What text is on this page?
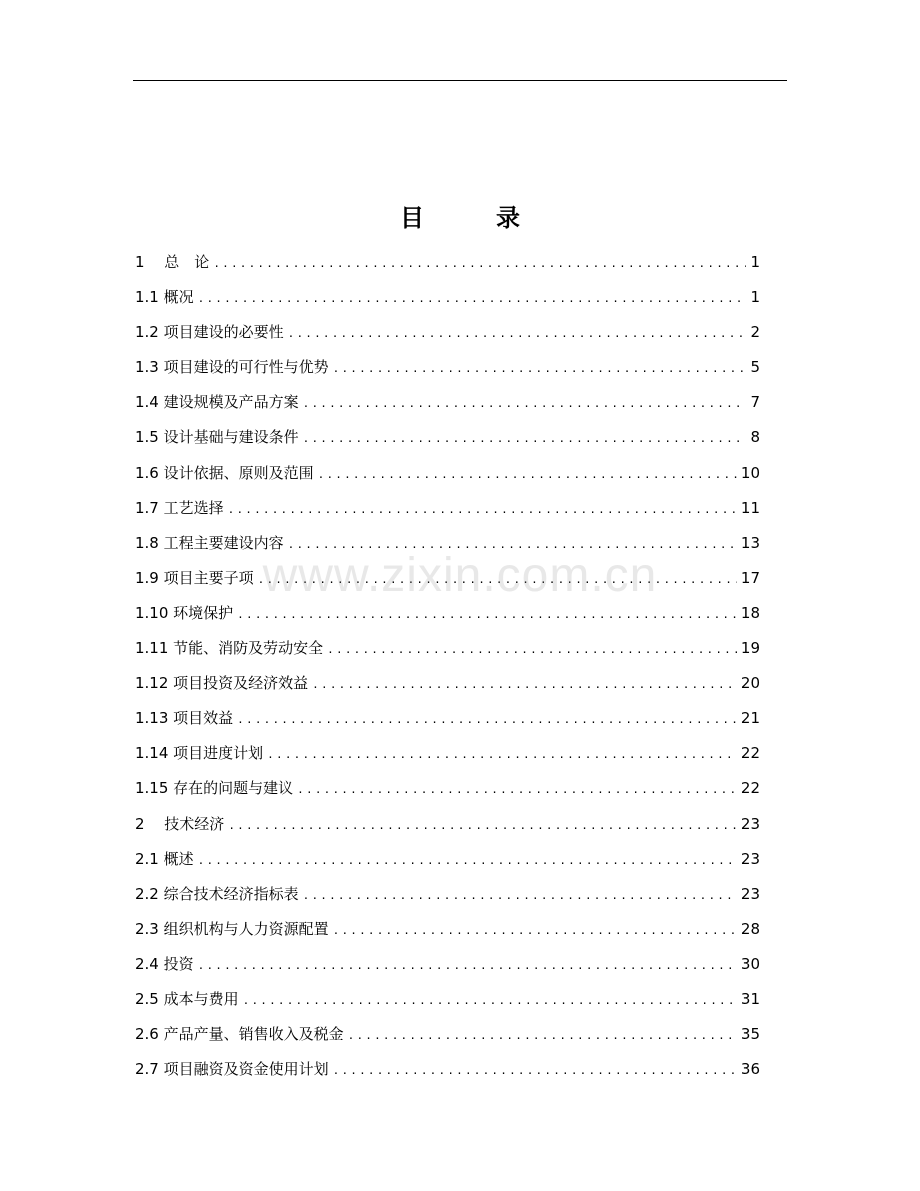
目　录
1　 总　论 .....	1
1.1 概况 .....	1
1.2 项目建设的必要性 .....	2
1.3 项目建设的可行性与优势 .....	5
1.4 建设规模及产品方案 .....	7
1.5 设计基础与建设条件 .....	8
1.6 设计依据、原则及范围 .....	10
1.7 工艺选择 .....	11
1.8 工程主要建设内容 .....	13
1.9 项目主要子项 .....	17
1.10 环境保护 .....	18
1.11 节能、消防及劳动安全 .....	19
1.12 项目投资及经济效益 .....	20
1.13 项目效益 .....	21
1.14 项目进度计划 .....	22
1.15 存在的问题与建议 .....	22
2　 技术经济 .....	23
2.1 概述 .....	23
2.2 综合技术经济指标表 .....	23
2.3 组织机构与人力资源配置 .....	28
2.4 投资 .....	30
2.5 成本与费用 .....	31
2.6 产品产量、销售收入及税金 .....	35
2.7 项目融资及资金使用计划 .....	36
www.zixin.com.cn
